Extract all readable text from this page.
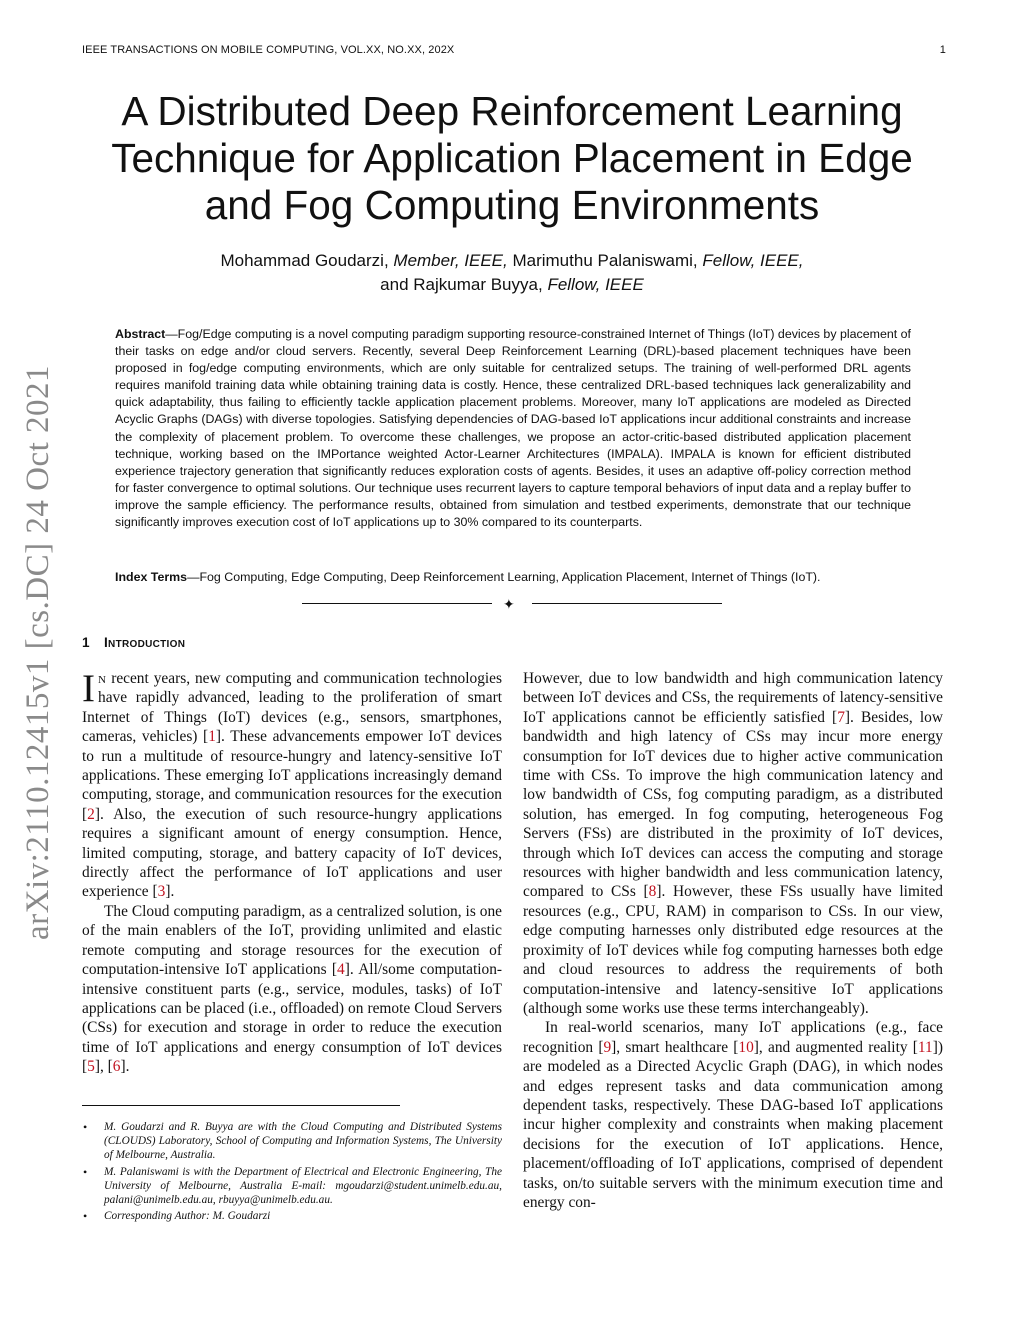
IEEE TRANSACTIONS ON MOBILE COMPUTING, VOL.XX, NO.XX, 202X	1
arXiv:2110.12415v1 [cs.DC] 24 Oct 2021
A Distributed Deep Reinforcement Learning Technique for Application Placement in Edge and Fog Computing Environments
Mohammad Goudarzi, Member, IEEE, Marimuthu Palaniswami, Fellow, IEEE,
and Rajkumar Buyya, Fellow, IEEE

Abstract—Fog/Edge computing is a novel computing paradigm supporting resource-constrained Internet of Things (IoT) devices by placement of their tasks on edge and/or cloud servers. Recently, several Deep Reinforcement Learning (DRL)-based placement techniques have been proposed in fog/edge computing environments, which are only suitable for centralized setups. The training of well-performed DRL agents requires manifold training data while obtaining training data is costly. Hence, these centralized DRL-based techniques lack generalizability and quick adaptability, thus failing to efficiently tackle application placement problems. Moreover, many IoT applications are modeled as Directed Acyclic Graphs (DAGs) with diverse topologies. Satisfying dependencies of DAG-based IoT applications incur additional constraints and increase the complexity of placement problem. To overcome these challenges, we propose an actor-critic-based distributed application placement technique, working based on the IMPortance weighted Actor-Learner Architectures (IMPALA). IMPALA is known for efficient distributed experience trajectory generation that significantly reduces exploration costs of agents. Besides, it uses an adaptive off-policy correction method for faster convergence to optimal solutions. Our technique uses recurrent layers to capture temporal behaviors of input data and a replay buffer to improve the sample efficiency. The performance results, obtained from simulation and testbed experiments, demonstrate that our technique significantly improves execution cost of IoT applications up to 30% compared to its counterparts.

Index Terms—Fog Computing, Edge Computing, Deep Reinforcement Learning, Application Placement, Internet of Things (IoT).

✦
1 Introduction

In recent years, new computing and communication technologies have rapidly advanced, leading to the proliferation of smart Internet of Things (IoT) devices (e.g., sensors, smartphones, cameras, vehicles) [1]. These advancements empower IoT devices to run a multitude of resource-hungry and latency-sensitive IoT applications. These emerging IoT applications increasingly demand computing, storage, and communication resources for the execution [2]. Also, the execution of such resource-hungry applications requires a significant amount of energy consumption. Hence, limited computing, storage, and battery capacity of IoT devices, directly affect the performance of IoT applications and user experience [3].

The Cloud computing paradigm, as a centralized solution, is one of the main enablers of the IoT, providing unlimited and elastic remote computing and storage resources for the execution of computation-intensive IoT applications [4]. All/some computation-intensive constituent parts (e.g., service, modules, tasks) of IoT applications can be placed (i.e., offloaded) on remote Cloud Servers (CSs) for execution and storage in order to reduce the execution time of IoT applications and energy consumption of IoT devices [5], [6].

• M. Goudarzi and R. Buyya are with the Cloud Computing and Distributed Systems (CLOUDS) Laboratory, School of Computing and Information Systems, The University of Melbourne, Australia.
• M. Palaniswami is with the Department of Electrical and Electronic Engineering, The University of Melbourne, Australia E-mail: mgoudarzi@student.unimelb.edu.au, palani@unimelb.edu.au, rbuyya@unimelb.edu.au.
• Corresponding Author: M. Goudarzi

However, due to low bandwidth and high communication latency between IoT devices and CSs, the requirements of latency-sensitive IoT applications cannot be efficiently satisfied [7]. Besides, low bandwidth and high latency of CSs may incur more energy consumption for IoT devices due to higher active communication time with CSs. To improve the high communication latency and low bandwidth of CSs, fog computing paradigm, as a distributed solution, has emerged. In fog computing, heterogeneous Fog Servers (FSs) are distributed in the proximity of IoT devices, through which IoT devices can access the computing and storage resources with higher bandwidth and less communication latency, compared to CSs [8]. However, these FSs usually have limited resources (e.g., CPU, RAM) in comparison to CSs. In our view, edge computing harnesses only distributed edge resources at the proximity of IoT devices while fog computing harnesses both edge and cloud resources to address the requirements of both computation-intensive and latency-sensitive IoT applications (although some works use these terms interchangeably).

In real-world scenarios, many IoT applications (e.g., face recognition [9], smart healthcare [10], and augmented reality [11]) are modeled as a Directed Acyclic Graph (DAG), in which nodes and edges represent tasks and data communication among dependent tasks, respectively. These DAG-based IoT applications incur higher complexity and constraints when making placement decisions for the execution of IoT applications. Hence, placement/offloading of IoT applications, comprised of dependent tasks, on/to suitable servers with the minimum execution time and energy con-
